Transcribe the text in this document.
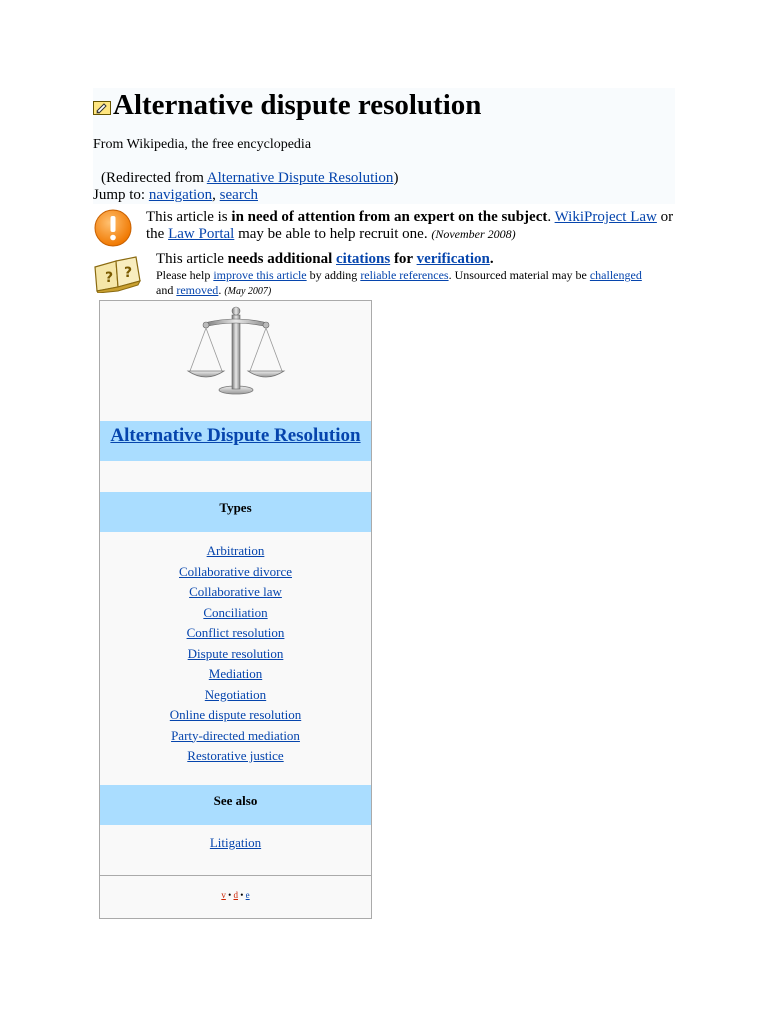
Alternative dispute resolution
From Wikipedia, the free encyclopedia
(Redirected from Alternative Dispute Resolution)
Jump to: navigation, search
This article is in need of attention from an expert on the subject. WikiProject Law or the Law Portal may be able to help recruit one. (November 2008)
? ?
This article needs additional citations for verification.
Please help improve this article by adding reliable references. Unsourced material may be challenged and removed. (May 2007)
Alternative Dispute Resolution
Types
Arbitration
Collaborative divorce
Collaborative law
Conciliation
Conflict resolution
Dispute resolution
Mediation
Negotiation
Online dispute resolution
Party-directed mediation
Restorative justice
See also
Litigation
v • d • e
